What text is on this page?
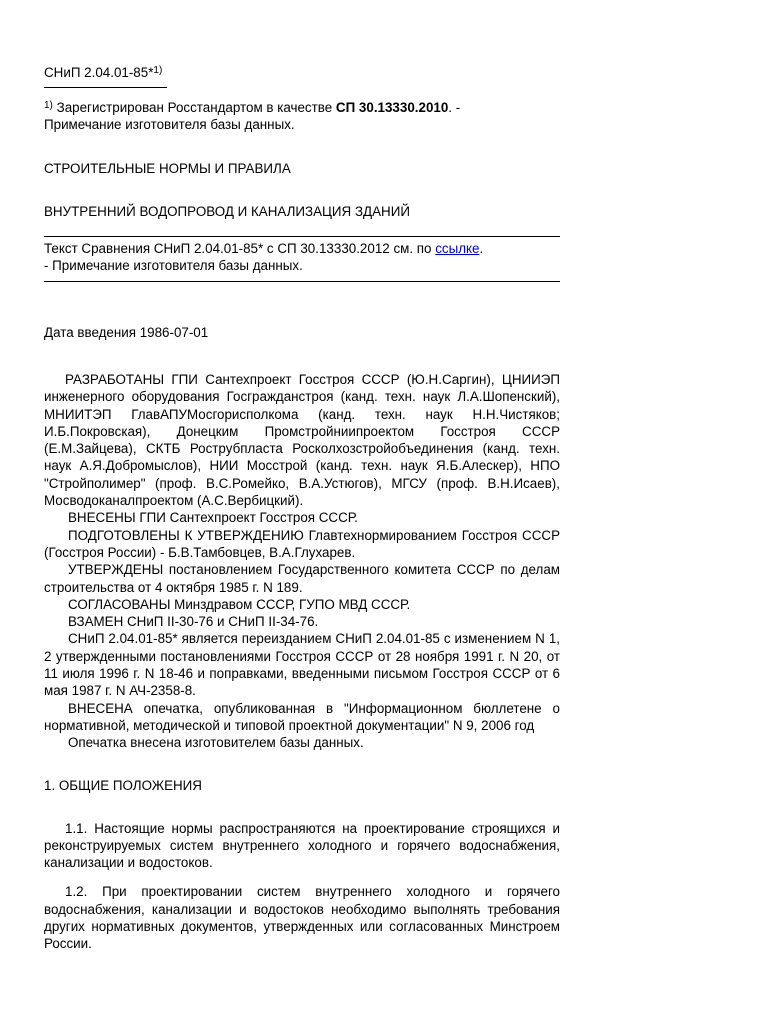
СНиП 2.04.01-85*$^{1)}$
$^{1)}$ Зарегистрирован Росстандартом в качестве СП 30.13330.2010. -
Примечание изготовителя базы данных.
СТРОИТЕЛЬНЫЕ НОРМЫ И ПРАВИЛА
ВНУТРЕННИЙ ВОДОПРОВОД И КАНАЛИЗАЦИЯ ЗДАНИЙ
Текст Сравнения СНиП 2.04.01-85* с СП 30.13330.2012 см. по ссылке.
- Примечание изготовителя базы данных.
Дата введения 1986-07-01

РАЗРАБОТАНЫ ГПИ Сантехпроект Госстроя СССР (Ю.Н.Саргин), ЦНИИЭП инженерного оборудования Госгражданстроя (канд. техн. наук Л.А.Шопенский), МНИИТЭП ГлавАПУМосгорисполкома (канд. техн. наук Н.Н.Чистяков; И.Б.Покровская), Донецким Промстройниипроектом Госстроя СССР (Е.М.Зайцева), СКТБ Рострубпласта Росколхозстройобъединения (канд. техн. наук А.Я.Добромыслов), НИИ Мосстрой (канд. техн. наук Я.Б.Алескер), НПО "Стройполимер" (проф. В.С.Ромейко, В.А.Устюгов), МГСУ (проф. В.Н.Исаев), Мосводоканалпроектом (А.С.Вербицкий).

ВНЕСЕНЫ ГПИ Сантехпроект Госстроя СССР.

ПОДГОТОВЛЕНЫ К УТВЕРЖДЕНИЮ Главтехнормированием Госстроя СССР (Госстроя России) - Б.В.Тамбовцев, В.А.Глухарев.

УТВЕРЖДЕНЫ постановлением Государственного комитета СССР по делам строительства от 4 октября 1985 г. N 189.

СОГЛАСОВАНЫ Минздравом СССР, ГУПО МВД СССР.

ВЗАМЕН СНиП II-30-76 и СНиП II-34-76.

СНиП 2.04.01-85* является переизданием СНиП 2.04.01-85 с изменением N 1, 2 утвержденными постановлениями Госстроя СССР от 28 ноября 1991 г. N 20, от 11 июля 1996 г. N 18-46 и поправками, введенными письмом Госстроя СССР от 6 мая 1987 г. N АЧ-2358-8.

ВНЕСЕНА опечатка, опубликованная в "Информационном бюллетене о нормативной, методической и типовой проектной документации" N 9, 2006 год

Опечатка внесена изготовителем базы данных.

1. ОБЩИЕ ПОЛОЖЕНИЯ

1.1. Настоящие нормы распространяются на проектирование строящихся и реконструируемых систем внутреннего холодного и горячего водоснабжения, канализации и водостоков.

1.2. При проектировании систем внутреннего холодного и горячего водоснабжения, канализации и водостоков необходимо выполнять требования других нормативных документов, утвержденных или согласованных Минстроем России.
